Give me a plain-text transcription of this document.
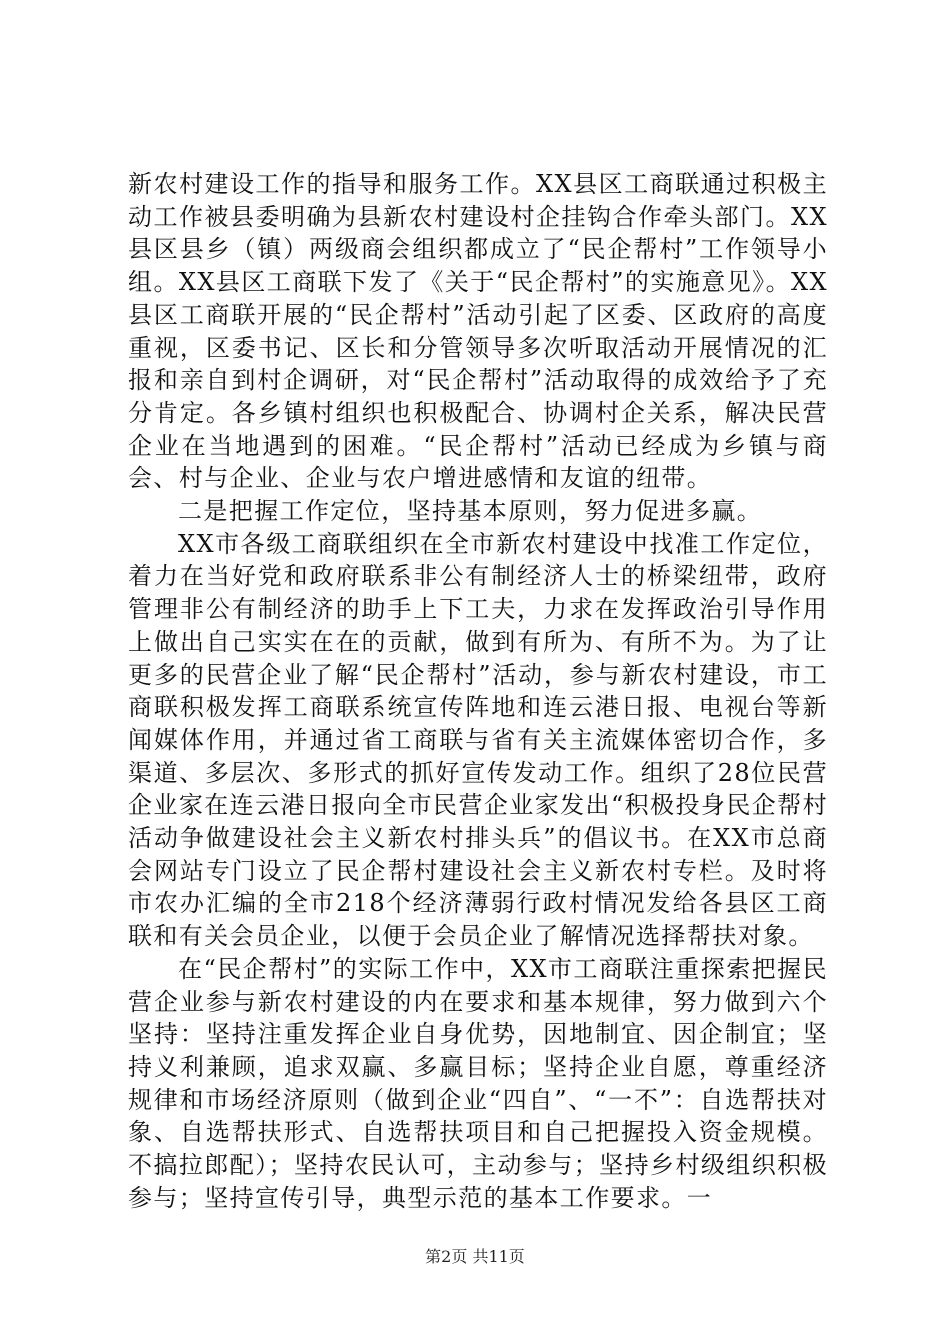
新农村建设工作的指导和服务工作。XX县区工商联通过积极主动工作被县委明确为县新农村建设村企挂钩合作牵头部门。XX县区县乡（镇）两级商会组织都成立了“民企帮村”工作领导小组。XX县区工商联下发了《关于“民企帮村”的实施意见》。XX县区工商联开展的“民企帮村”活动引起了区委、区政府的高度重视，区委书记、区长和分管领导多次听取活动开展情况的汇报和亲自到村企调研，对“民企帮村”活动取得的成效给予了充分肯定。各乡镇村组织也积极配合、协调村企关系，解决民营企业在当地遇到的困难。“民企帮村”活动已经成为乡镇与商会、村与企业、企业与农户增进感情和友谊的纽带。

二是把握工作定位，坚持基本原则，努力促进多赢。

XX市各级工商联组织在全市新农村建设中找准工作定位，着力在当好党和政府联系非公有制经济人士的桥梁纽带，政府管理非公有制经济的助手上下工夫，力求在发挥政治引导作用上做出自己实实在在的贡献，做到有所为、有所不为。为了让更多的民营企业了解“民企帮村”活动，参与新农村建设，市工商联积极发挥工商联系统宣传阵地和连云港日报、电视台等新闻媒体作用，并通过省工商联与省有关主流媒体密切合作，多渠道、多层次、多形式的抓好宣传发动工作。组织了28位民营企业家在连云港日报向全市民营企业家发出“积极投身民企帮村活动争做建设社会主义新农村排头兵”的倡议书。在XX市总商会网站专门设立了民企帮村建设社会主义新农村专栏。及时将市农办汇编的全市218个经济薄弱行政村情况发给各县区工商联和有关会员企业，以便于会员企业了解情况选择帮扶对象。

在“民企帮村”的实际工作中，XX市工商联注重探索把握民营企业参与新农村建设的内在要求和基本规律，努力做到六个坚持：坚持注重发挥企业自身优势，因地制宜、因企制宜；坚持义利兼顾，追求双赢、多赢目标；坚持企业自愿，尊重经济规律和市场经济原则（做到企业“四自”、“一不”：自选帮扶对象、自选帮扶形式、自选帮扶项目和自己把握投入资金规模。不搞拉郎配）；坚持农民认可，主动参与；坚持乡村级组织积极参与；坚持宣传引导，典型示范的基本工作要求。一

第2页 共11页
